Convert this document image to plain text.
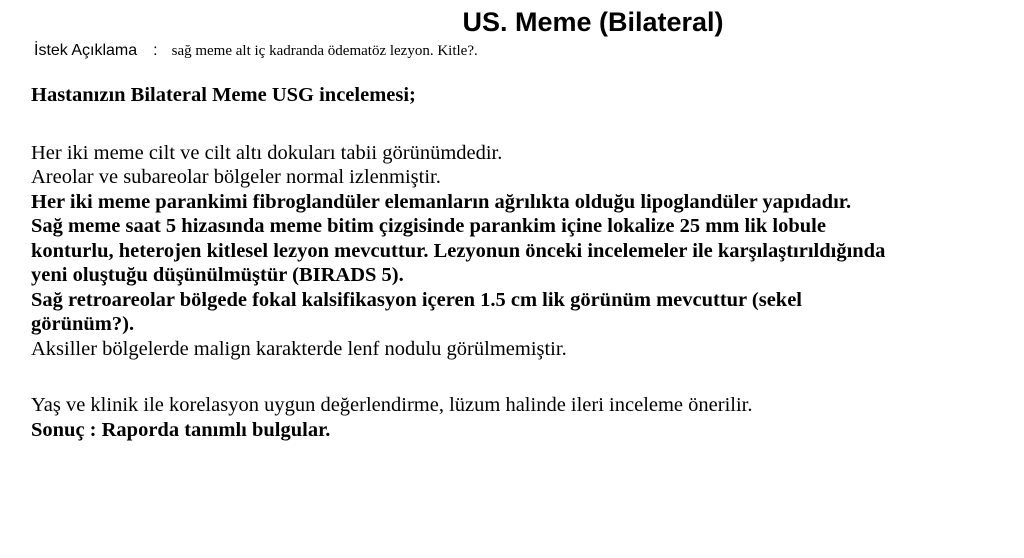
US. Meme (Bilateral)
İstek Açıklama : sağ meme alt iç kadranda ödematöz lezyon. Kitle?.
Hastanızın Bilateral Meme USG incelemesi;
Her iki meme cilt ve cilt altı dokuları tabii görünümdedir.
Areolar ve subareolar bölgeler normal izlenmiştir.
Her iki meme parankimi fibroglandüler elemanların ağrılıkta olduğu lipoglandüler yapıdadır.
Sağ meme saat 5 hizasında meme bitim çizgisinde parankim içine lokalize 25 mm lik lobule
konturlu, heterojen kitlesel lezyon mevcuttur. Lezyonun önceki incelemeler ile karşılaştırıldığında
yeni oluştuğu düşünülmüştür (BIRADS 5).
Sağ retroareolar bölgede fokal kalsifikasyon içeren 1.5 cm lik görünüm mevcuttur (sekel
görünüm?).
Aksiller bölgelerde malign karakterde lenf nodulu görülmemiştir.
Yaş ve klinik ile korelasyon uygun değerlendirme, lüzum halinde ileri inceleme önerilir.
Sonuç : Raporda tanımlı bulgular.
